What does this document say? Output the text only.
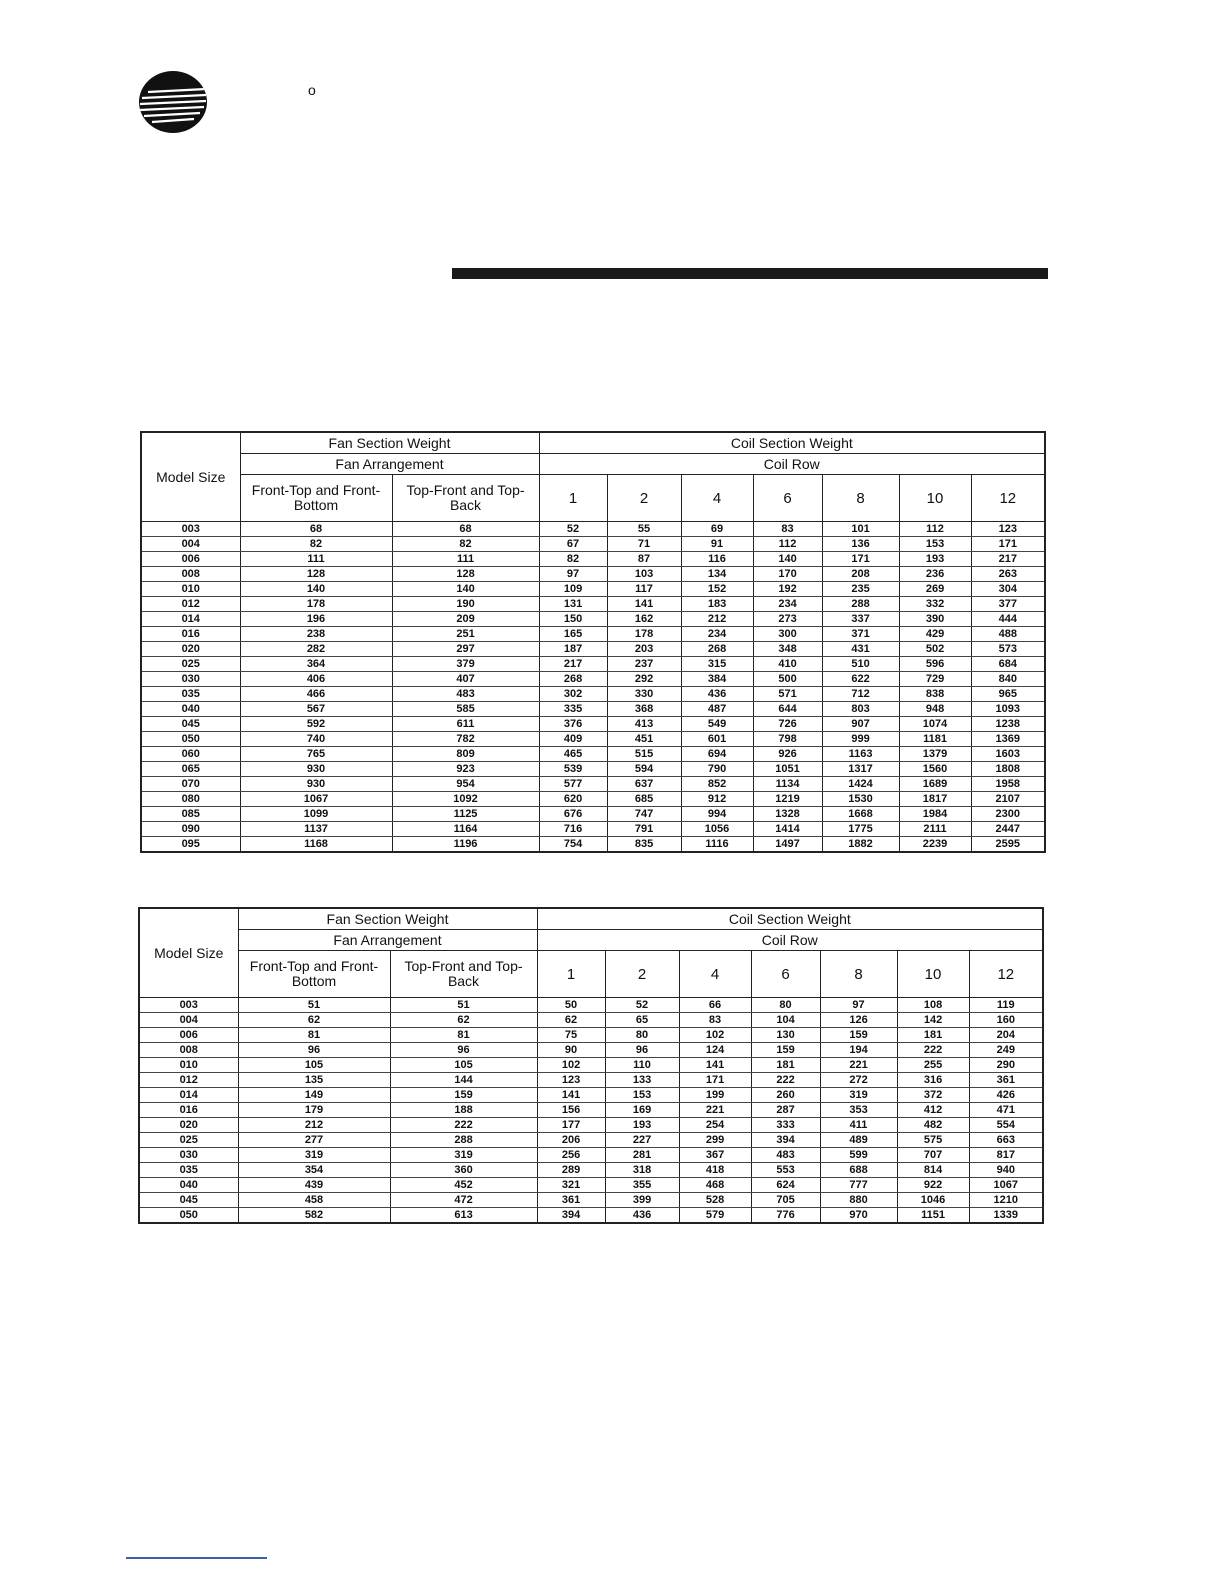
o
Model Size	Fan Section Weight		Coil Section Weight						
	Fan Arrangement		Coil Row						
	Front-Top and Front-Bottom	Top-Front and Top-Back	1	2	4	6	8	10	12
003	68	68	52	55	69	83	101	112	123
004	82	82	67	71	91	112	136	153	171
006	111	111	82	87	116	140	171	193	217
008	128	128	97	103	134	170	208	236	263
010	140	140	109	117	152	192	235	269	304
012	178	190	131	141	183	234	288	332	377
014	196	209	150	162	212	273	337	390	444
016	238	251	165	178	234	300	371	429	488
020	282	297	187	203	268	348	431	502	573
025	364	379	217	237	315	410	510	596	684
030	406	407	268	292	384	500	622	729	840
035	466	483	302	330	436	571	712	838	965
040	567	585	335	368	487	644	803	948	1093
045	592	611	376	413	549	726	907	1074	1238
050	740	782	409	451	601	798	999	1181	1369
060	765	809	465	515	694	926	1163	1379	1603
065	930	923	539	594	790	1051	1317	1560	1808
070	930	954	577	637	852	1134	1424	1689	1958
080	1067	1092	620	685	912	1219	1530	1817	2107
085	1099	1125	676	747	994	1328	1668	1984	2300
090	1137	1164	716	791	1056	1414	1775	2111	2447
095	1168	1196	754	835	1116	1497	1882	2239	2595
Model Size	Fan Section Weight		Coil Section Weight						
	Fan Arrangement		Coil Row						
	Front-Top and Front-Bottom	Top-Front and Top-Back	1	2	4	6	8	10	12
003	51	51	50	52	66	80	97	108	119
004	62	62	62	65	83	104	126	142	160
006	81	81	75	80	102	130	159	181	204
008	96	96	90	96	124	159	194	222	249
010	105	105	102	110	141	181	221	255	290
012	135	144	123	133	171	222	272	316	361
014	149	159	141	153	199	260	319	372	426
016	179	188	156	169	221	287	353	412	471
020	212	222	177	193	254	333	411	482	554
025	277	288	206	227	299	394	489	575	663
030	319	319	256	281	367	483	599	707	817
035	354	360	289	318	418	553	688	814	940
040	439	452	321	355	468	624	777	922	1067
045	458	472	361	399	528	705	880	1046	1210
050	582	613	394	436	579	776	970	1151	1339
